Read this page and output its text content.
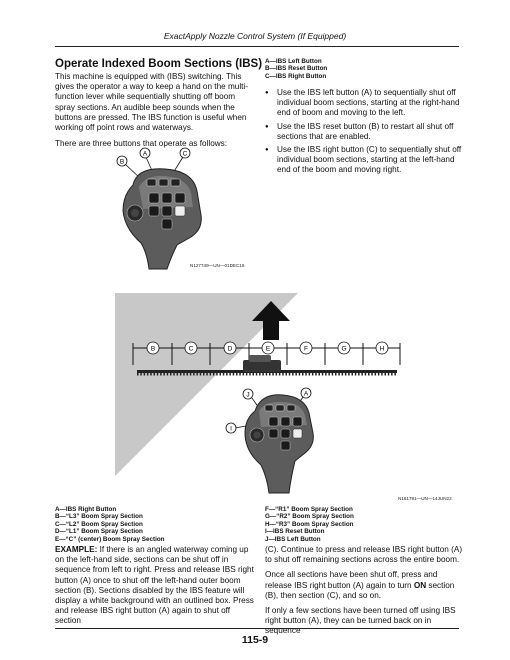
ExactApply Nozzle Control System (If Equipped)
Operate Indexed Boom Sections (IBS)

This machine is equipped with (IBS) switching. This gives the operator a way to keep a hand on the multi-function lever while sequentially shutting off boom spray sections. An audible beep sounds when the buttons are pressed. The IBS function is useful when working off point rows and waterways.

There are three buttons that operate as follows:

A—IBS Left Button
B—IBS Reset Button
C—IBS Right Button
● Use the IBS left button (A) to sequentially shut off individual boom sections, starting at the right-hand end of boom and moving to the left.
● Use the IBS reset button (B) to restart all shut off sections that are enabled.
● Use the IBS right button (C) to sequentially shut off individual boom sections, starting at the left-hand end of the boom and moving right.
B
A	C
N127749—UN—01DEC16
B	C	D	E	F	G	H
J	A
I
N161791—UN—14JUN22
A—IBS Right Button
B—“L3” Boom Spray Section
C—“L2” Boom Spray Section
D—“L1” Boom Spray Section
E—“C” (center) Boom Spray Section
F—“R1” Boom Spray Section
G—“R2” Boom Spray Section
H—“R3” Boom Spray Section
I—IBS Reset Button
J—IBS Left Button

EXAMPLE: If there is an angled waterway coming up on the left-hand side, sections can be shut off in sequence from left to right. Press and release IBS right button (A) once to shut off the left-hand outer boom section (B). Sections disabled by the IBS feature will display a white background with an outlined box. Press and release IBS right button (A) again to shut off section

(C). Continue to press and release IBS right button (A) to shut off remaining sections across the entire boom.

Once all sections have been shut off, press and release IBS right button (A) again to turn ON section (B), then section (C), and so on.

If only a few sections have been turned off using IBS right button (A), they can be turned back on in sequence

115-9
